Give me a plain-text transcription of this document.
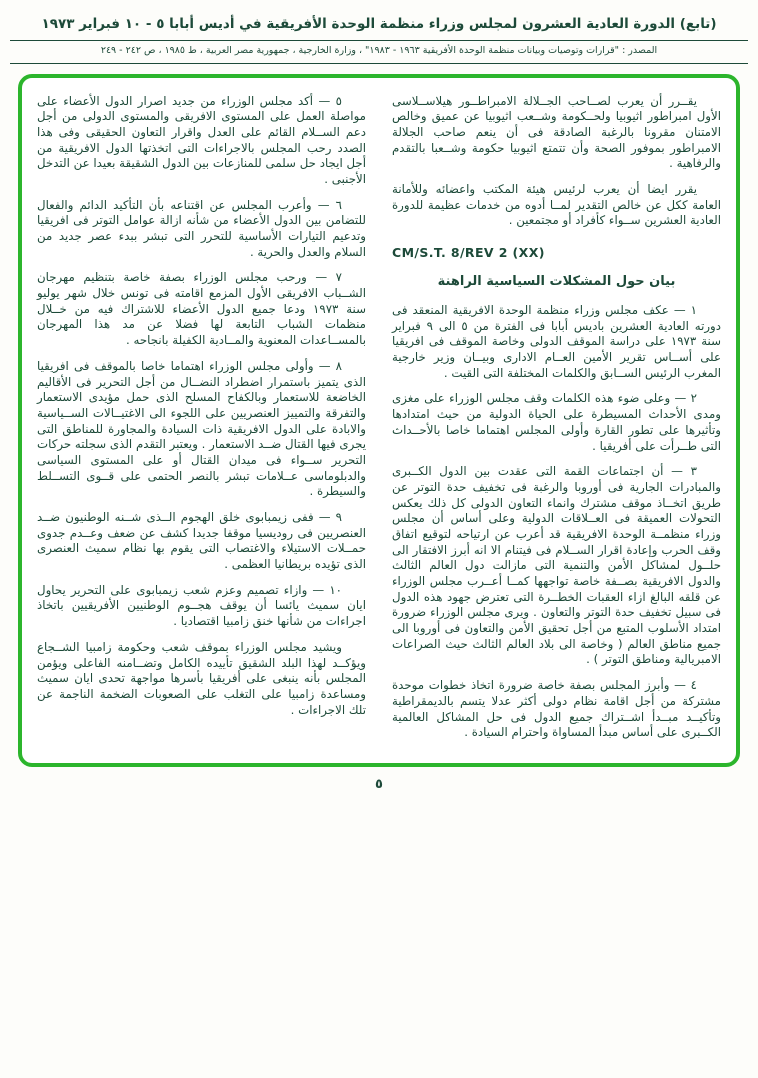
(تابع) الدورة العادية العشرون لمجلس وزراء منظمة الوحدة الأفريقية في أديس أبابا ٥ - ١٠ فبراير ١٩٧٣
المصدر : "قرارات وتوصيات وبيانات منظمة الوحدة الأفريقية ١٩٦٣ - ١٩٨٣" ، وزارة الخارجية ، جمهورية مصر العربية ، ط ١٩٨٥ ، ص ٢٤٢ - ٢٤٩

يقــرر أن يعرب لصــاحب الجــلالة الامبراطــور هيلاســلاسى الأول امبراطور اثيوبيا ولحــكومة وشــعب اثيوبيا عن عميق وخالص الامتنان مقرونا بالرغبة الصادقة فى أن ينعم صاحب الجلالة الامبراطور بموفور الصحة وأن تتمتع اثيوبيا حكومة وشــعبا بالتقدم والرفاهية .

يقرر ايضا أن يعرب لرئيس هيئة المكتب واعضائه وللأمانة العامة ككل عن خالص التقدير لمــا أدوه من خدمات عظيمة للدورة العادية العشرين ســواء كأفراد أو مجتمعين .

CM/S.T. 8/REV 2 (XX)
بيان حول المشكلات السياسية الراهنة

١ — عكف مجلس وزراء منظمة الوحدة الافريقية المنعقد فى دورته العادية العشرين باديس أبابا فى الفترة من ٥ الى ٩ فبراير سنة ١٩٧٣ على دراسة الموقف الدولى وخاصة الموقف فى افريقيا على أســاس تقرير الأمين العــام الادارى وبيــان وزير خارجية المغرب الرئيس الســابق والكلمات المختلفة التى القيت .

٢ — وعلى ضوء هذه الكلمات وقف مجلس الوزراء على مغزى ومدى الأحداث المسيطرة على الحياة الدولية من حيث امتدادها وتأثيرها على تطور القارة وأولى المجلس اهتماما خاصا بالأحــداث التى طــرأت على أفريقيا .

٣ — أن اجتماعات القمة التى عقدت بين الدول الكــبرى والمبادرات الجارية فى أوروبا والرغبة فى تخفيف حدة التوتر عن طريق اتخــاذ موقف مشترك وانماء التعاون الدولى كل ذلك يعكس التحولات العميقة فى العــلاقات الدولية وعلى أساس أن مجلس وزراء منظمــة الوحدة الافريقية قد أعرب عن ارتياحه لتوقيع اتفاق وقف الحرب وإعادة اقرار الســلام فى فيتنام الا انه أبرز الافتقار الى حلــول لمشاكل الأمن والتنمية التى مازالت دول العالم الثالث والدول الافريقية بصــفة خاصة تواجهها كمــا أعــرب مجلس الوزراء عن قلقه البالغ ازاء العقبات الخطــرة التى تعترض جهود هذه الدول فى سبيل تخفيف حدة التوتر والتعاون . ويرى مجلس الوزراء ضرورة امتداد الأسلوب المتبع من أجل تحقيق الأمن والتعاون فى أوروبا الى جميع مناطق العالم ( وخاصة الى بلاد العالم الثالث حيث الصراعات الامبريالية ومناطق التوتر ) .

٤ — وأبرز المجلس بصفة خاصة ضرورة اتخاذ خطوات موحدة مشتركة من أجل اقامة نظام دولى أكثر عدلا يتسم بالديمقراطية وتأكيــد مبــدأ اشــتراك جميع الدول فى حل المشاكل العالمية الكــبرى على أساس مبدأ المساواة واحترام السيادة .

٥ — أكد مجلس الوزراء من جديد اصرار الدول الأعضاء على مواصلة العمل على المستوى الافريقى والمستوى الدولى من أجل دعم الســلام القائم على العدل واقرار التعاون الحقيقى وفى هذا الصدد رحب المجلس بالاجراءات التى اتخذتها الدول الافريقية من أجل ايجاد حل سلمى للمنازعات بين الدول الشقيقة بعيدا عن التدخل الأجنبى .

٦ — وأعرب المجلس عن اقتناعه بأن التأكيد الدائم والفعال للتضامن بين الدول الأعضاء من شأنه ازالة عوامل التوتر فى افريقيا وتدعيم التيارات الأساسية للتحرر التى تبشر ببدء عصر جديد من السلام والعدل والحرية .

٧ — ورحب مجلس الوزراء بصفة خاصة بتنظيم مهرجان الشــباب الافريقى الأول المزمع اقامته فى تونس خلال شهر يوليو سنة ١٩٧٣ ودعا جميع الدول الأعضاء للاشتراك فيه من خــلال منظمات الشباب التابعة لها فضلا عن مد هذا المهرجان بالمســاعدات المعنوية والمــادية الكفيلة بانجاحه .

٨ — وأولى مجلس الوزراء اهتماما خاصا بالموقف فى افريقيا الذى يتميز باستمرار اضطراد النضــال من أجل التحرير فى الأقاليم الخاضعة للاستعمار وبالكفاح المسلح الذى حمل مؤيدى الاستعمار والتفرقة والتمييز العنصريين على اللجوء الى الاغتيــالات الســياسية والابادة على الدول الافريقية ذات السيادة والمجاورة للمناطق التى يجرى فيها القتال ضــد الاستعمار . ويعتبر التقدم الذى سجلته حركات التحرير ســواء فى ميدان القتال أو على المستوى السياسى والدبلوماسى عــلامات تبشر بالنصر الحتمى على قــوى التســلط والسيطرة .

٩ — ففى زيمبابوى خلق الهجوم الــذى شــنه الوطنيون ضــد العنصريين فى روديسيا موقفا جديدا كشف عن ضعف وعــدم جدوى حمــلات الاستيلاء والاغتصاب التى يقوم بها نظام سميث العنصرى الذى تؤيده بريطانيا العظمى .

١٠ — وازاء تصميم وعزم شعب زيمبابوى على التحرير يحاول ايان سميث يائسا أن يوقف هجــوم الوطنيين الأفريقيين باتخاذ اجراءات من شأنها خنق زامبيا اقتصاديا .

ويشيد مجلس الوزراء بموقف شعب وحكومة زامبيا الشــجاع ويؤكــد لهذا البلد الشقيق تأييده الكامل وتضــامنه الفاعلى ويؤمن المجلس بأنه ينبغى على أفريقيا بأسرها مواجهة تحدى ايان سميث ومساعدة زامبيا على التغلب على الصعوبات الضخمة الناجمة عن تلك الاجراءات .

٥
